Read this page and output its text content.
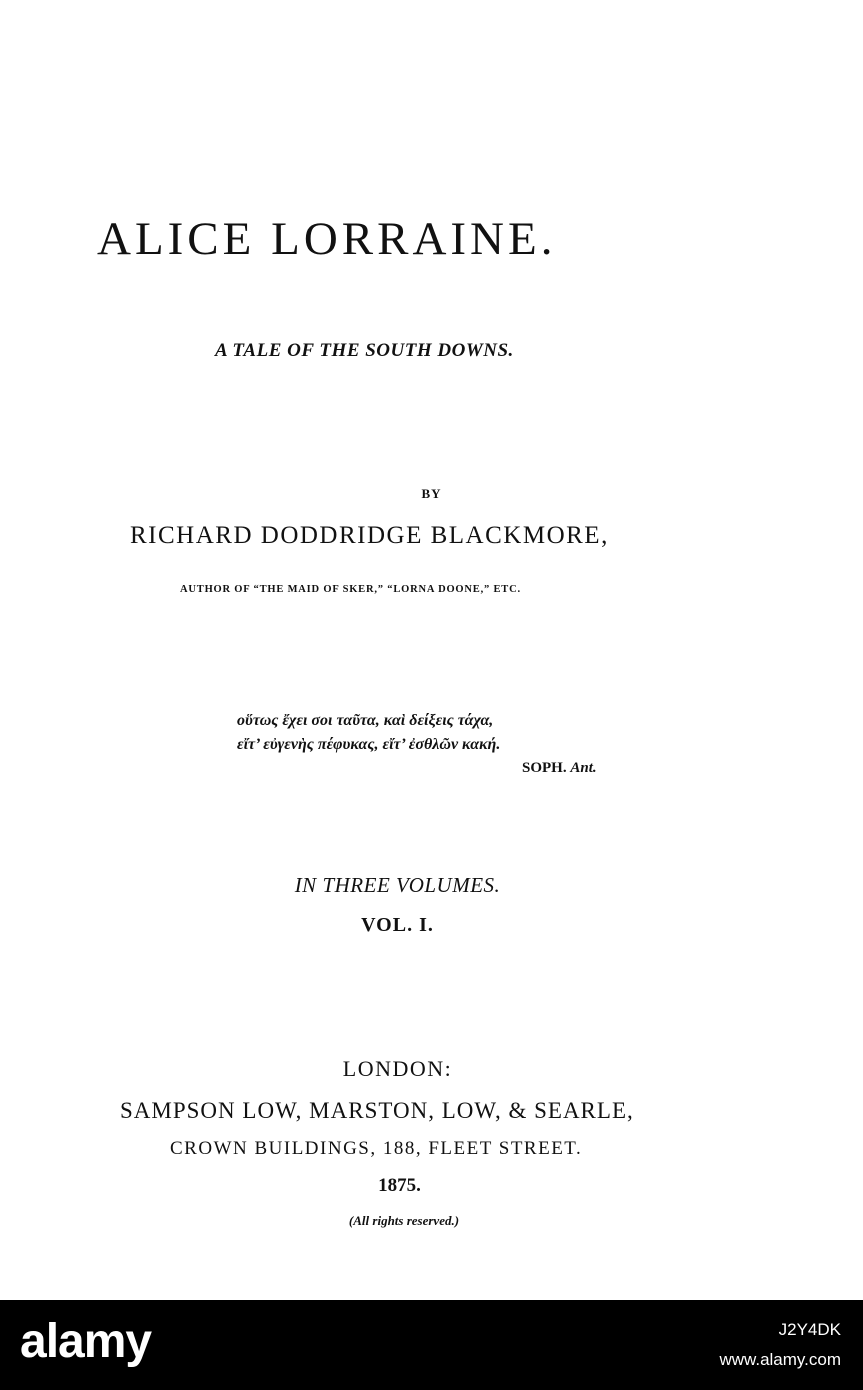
ALICE LORRAINE.
A TALE OF THE SOUTH DOWNS.
BY
RICHARD DODDRIDGE BLACKMORE,
AUTHOR OF “THE MAID OF SKER,” “LORNA DOONE,” ETC.
οὕτως ἔχει σοι ταῦτα, καὶ δείξεις τάχα,
εἴτ’ εὐγενὴς πέφυκας, εἴτ’ ἐσθλῶν κακή.
SOPH. Ant.
IN THREE VOLUMES.
VOL. I.
LONDON:
SAMPSON LOW, MARSTON, LOW, & SEARLE,
CROWN BUILDINGS, 188, FLEET STREET.
1875.
(All rights reserved.)
alamy	J2Y4DK
www.alamy.com
